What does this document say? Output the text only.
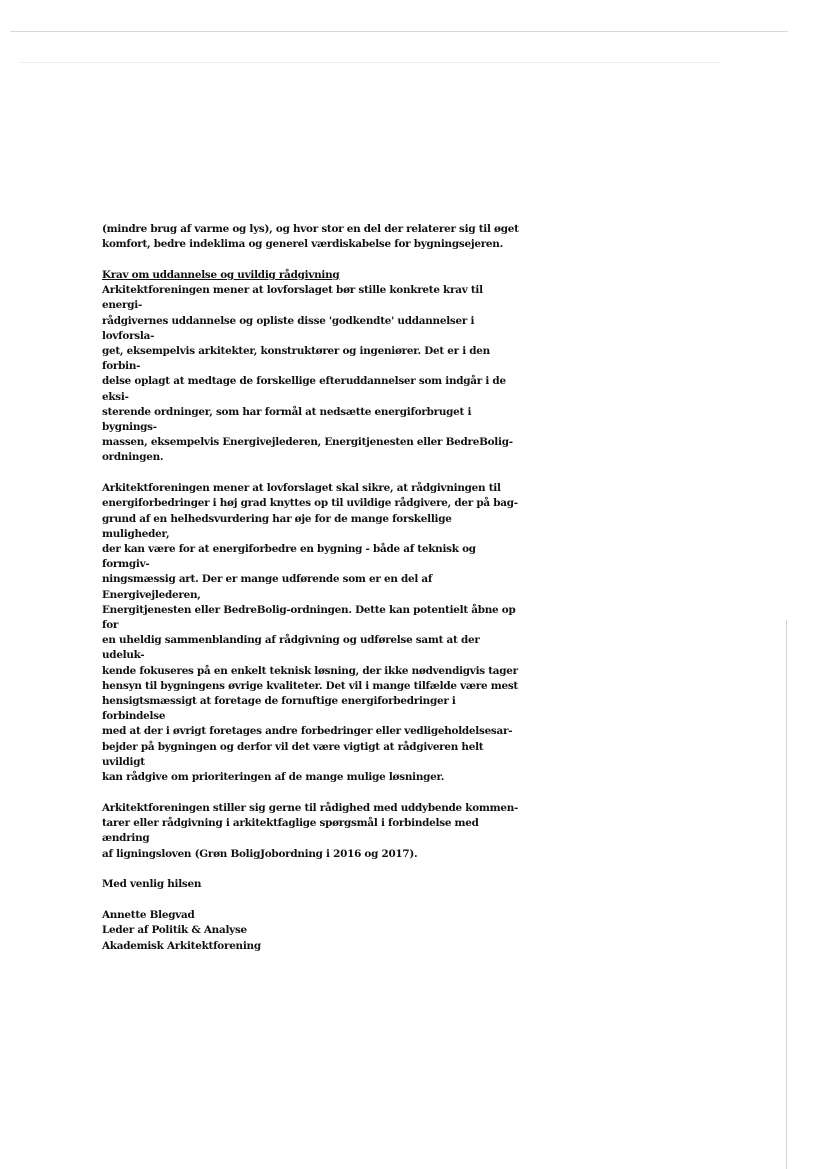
(mindre brug af varme og lys), og hvor stor en del der relaterer sig til øget
komfort, bedre indeklima og generel værdiskabelse for bygningsejeren.

Krav om uddannelse og uvildig rådgivning

Arkitektforeningen mener at lovforslaget bør stille konkrete krav til energi-
rådgivernes uddannelse og opliste disse 'godkendte' uddannelser i lovforsla-
get, eksempelvis arkitekter, konstruktører og ingeniører. Det er i den forbin-
delse oplagt at medtage de forskellige efteruddannelser som indgår i de eksi-
sterende ordninger, som har formål at nedsætte energiforbruget i bygnings-
massen, eksempelvis Energivejlederen, Energitjenesten eller BedreBolig-
ordningen.

Arkitektforeningen mener at lovforslaget skal sikre, at rådgivningen til
energiforbedringer i høj grad knyttes op til uvildige rådgivere, der på bag-
grund af en helhedsvurdering har øje for de mange forskellige muligheder,
der kan være for at energiforbedre en bygning - både af teknisk og formgiv-
ningsmæssig art. Der er mange udførende som er en del af Energivejlederen,
Energitjenesten eller BedreBolig-ordningen. Dette kan potentielt åbne op for
en uheldig sammenblanding af rådgivning og udførelse samt at der udeluk-
kende fokuseres på en enkelt teknisk løsning, der ikke nødvendigvis tager
hensyn til bygningens øvrige kvaliteter. Det vil i mange tilfælde være mest
hensigtsmæssigt at foretage de fornuftige energiforbedringer i forbindelse
med at der i øvrigt foretages andre forbedringer eller vedligeholdelsesar-
bejder på bygningen og derfor vil det være vigtigt at rådgiveren helt uvildigt
kan rådgive om prioriteringen af de mange mulige løsninger.

Arkitektforeningen stiller sig gerne til rådighed med uddybende kommen-
tarer eller rådgivning i arkitektfaglige spørgsmål i forbindelse med ændring
af ligningsloven (Grøn BoligJobordning i 2016 og 2017).

Med venlig hilsen

Annette Blegvad
Leder af Politik & Analyse
Akademisk Arkitektforening
